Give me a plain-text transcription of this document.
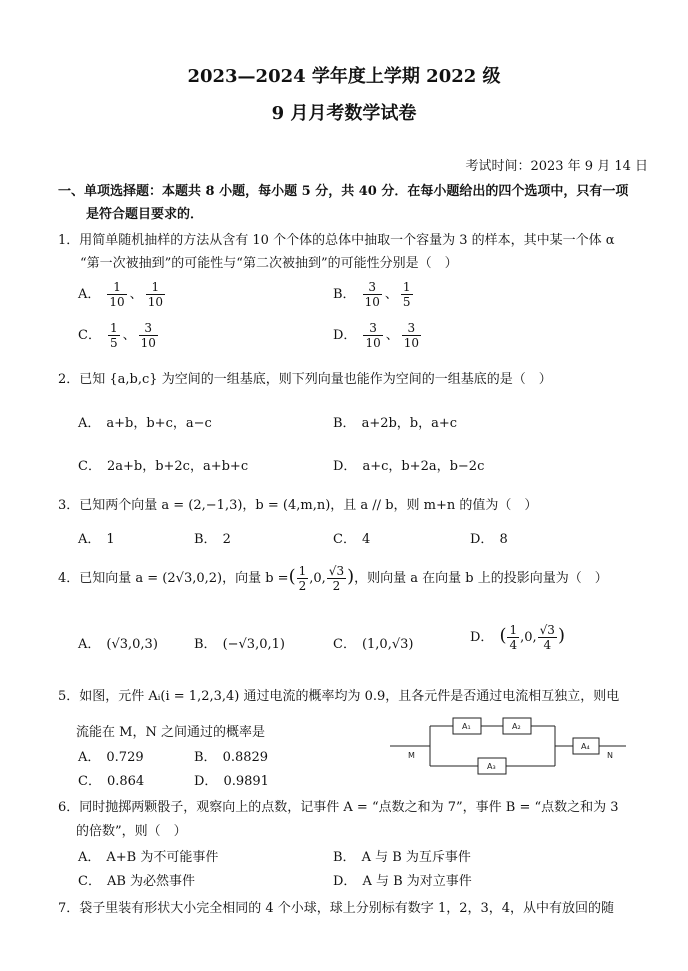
2023—2024 学年度上学期 2022 级
9 月月考数学试卷
考试时间：2023 年 9 月 14 日
一、单项选择题：本题共 8 小题，每小题 5 分，共 40 分．在每小题给出的四个选项中，只有一项
是符合题目要求的．
1．用简单随机抽样的方法从含有 10 个个体的总体中抽取一个容量为 3 的样本，其中某一个体 α
“第一次被抽到”的可能性与“第二次被抽到”的可能性分别是（　）
A． $\frac{1}{10}$ 、 $\frac{1}{10}$	B． $\frac{3}{10}$ 、 $\frac{1}{5}$
C． $\frac{1}{5}$ 、 $\frac{3}{10}$	D． $\frac{3}{10}$ 、 $\frac{3}{10}$
2．已知 {a,b,c} 为空间的一组基底，则下列向量也能作为空间的一组基底的是（　）
A． a+b，b+c，a−c	B． a+2b，b，a+c
C． 2a+b，b+2c，a+b+c	D． a+c，b+2a，b−2c
3．已知两个向量 a = (2,−1,3)，b = (4,m,n)，且 a // b，则 m+n 的值为（　）
A． 1	B． 2	C． 4	D． 8
4．已知向量 a = (2√3,0,2)，向量 b =( $\frac{1}{2} ,0$, $\frac{√3}{2}$ )，则向量 a 在向量 b 上的投影向量为（　）
A． (√3,0,3)	B． (−√3,0,1)	C． (1,0,√3)	D． ( $\frac{1}{4} ,0$, $\frac{√3}{4}$ )
5．如图，元件 Aᵢ(i = 1,2,3,4) 通过电流的概率均为 0.9，且各元件是否通过电流相互独立，则电
流能在 M，N 之间通过的概率是
A． 0.729	B． 0.8829
C． 0.864	D． 0.9891
M	N
A₁	A₂
A₃
A₄
6．同时抛掷两颗骰子，观察向上的点数，记事件 A = “点数之和为 7”，事件 B = “点数之和为 3
的倍数”，则（　）
A． A+B 为不可能事件	B． A 与 B 为互斥事件
C． AB 为必然事件	D． A 与 B 为对立事件
7．袋子里装有形状大小完全相同的 4 个小球，球上分别标有数字 1，2，3，4，从中有放回的随
